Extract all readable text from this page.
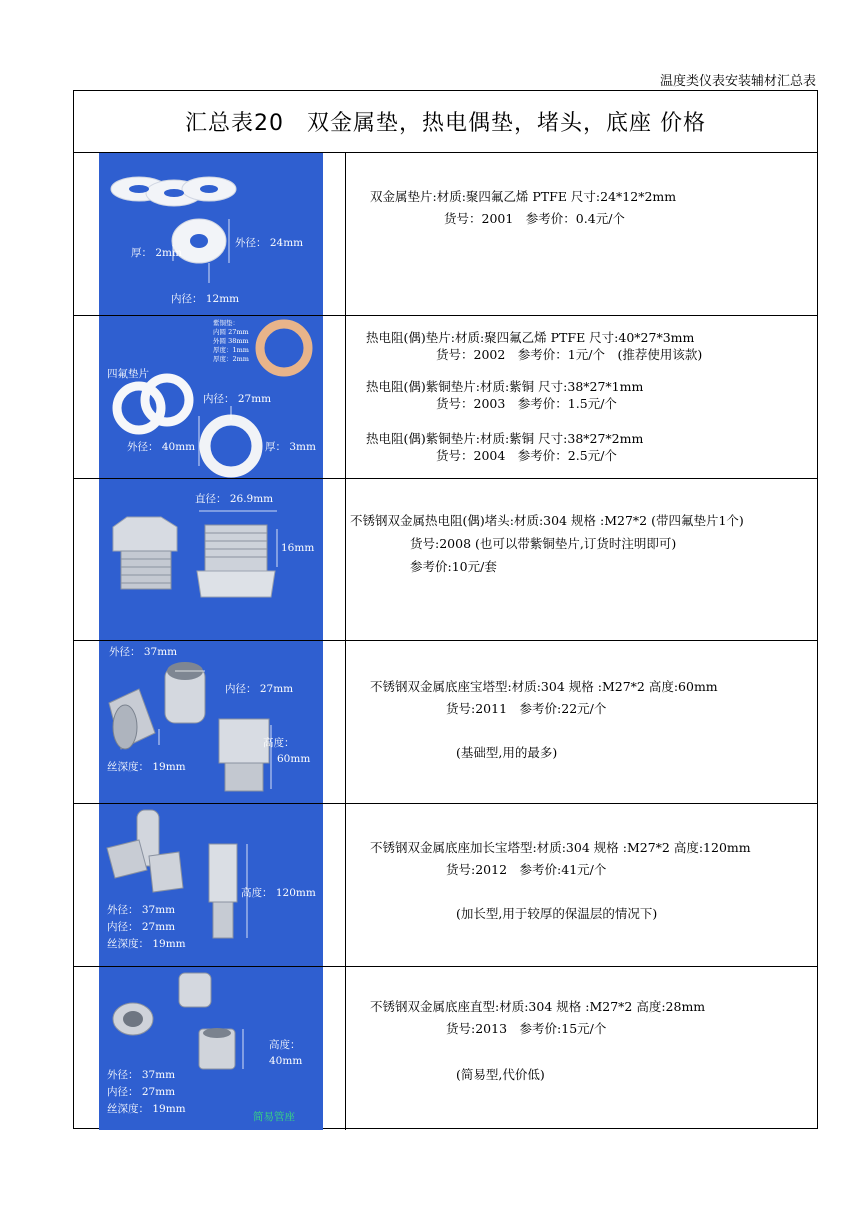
温度类仪表安装辅材汇总表
汇总表20　双金属垫，热电偶垫，堵头，底座 价格
厚： 2mm
外径： 24mm
内径： 12mm
双金属垫片:材质:聚四氟乙烯 PTFE 尺寸:24*12*2mm
货号：2001　参考价：0.4元/个
紫铜垫：
内圆 27mm
外圆 38mm
厚度：1mm
厚度：2mm
四氟垫片
内径： 27mm
外径： 40mm	厚： 3mm
热电阻(偶)垫片:材质:聚四氟乙烯 PTFE 尺寸:40*27*3mm
货号：2002　参考价：1元/个　(推荐使用该款)
热电阻(偶)紫铜垫片:材质:紫铜 尺寸:38*27*1mm
货号：2003　参考价：1.5元/个
热电阻(偶)紫铜垫片:材质:紫铜 尺寸:38*27*2mm
货号：2004　参考价：2.5元/个
直径： 26.9mm
16mm
不锈钢双金属热电阻(偶)堵头:材质:304 规格 :M27*2 (带四氟垫片1个)
货号:2008 (也可以带紫铜垫片,订货时注明即可)
参考价:10元/套
外径： 37mm
内径： 27mm
高度：
60mm
丝深度： 19mm
不锈钢双金属底座宝塔型:材质:304 规格 :M27*2 高度:60mm
货号:2011　参考价:22元/个
(基础型,用的最多)
高度： 120mm
外径： 37mm
内径： 27mm
丝深度： 19mm
不锈钢双金属底座加长宝塔型:材质:304 规格 :M27*2 高度:120mm
货号:2012　参考价:41元/个
(加长型,用于较厚的保温层的情况下)
高度：
40mm
外径： 37mm
内径： 27mm
丝深度： 19mm
简易管座
不锈钢双金属底座直型:材质:304 规格 :M27*2 高度:28mm
货号:2013　参考价:15元/个
(简易型,代价低)
